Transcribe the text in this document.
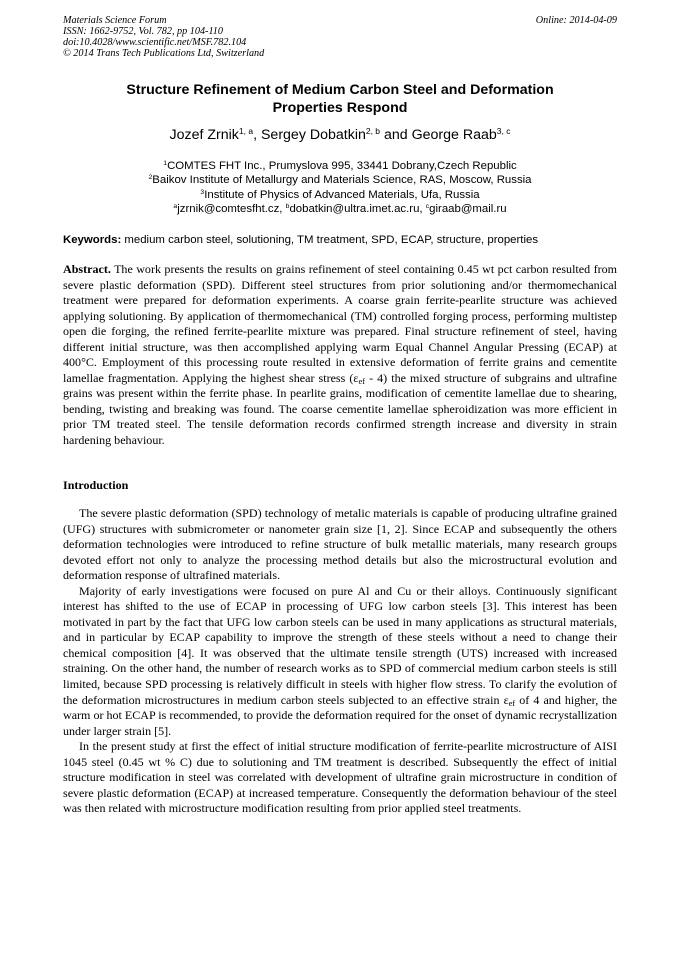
Materials Science Forum
ISSN: 1662-9752, Vol. 782, pp 104-110
doi:10.4028/www.scientific.net/MSF.782.104
© 2014 Trans Tech Publications Ltd, Switzerland
Online: 2014-04-09
Structure Refinement of Medium Carbon Steel and Deformation
Properties Respond
Jozef Zrnik$^{1, a}$, Sergey Dobatkin$^{2, b}$ and George Raab$^{3, c}$
$^1$COMTES FHT Inc., Prumyslova 995, 33441 Dobrany,Czech Republic
$^2$Baikov Institute of Metallurgy and Materials Science, RAS, Moscow, Russia
$^3$Institute of Physics of Advanced Materials, Ufa, Russia
$^a$jzrnik@comtesfht.cz, $^b$dobatkin@ultra.imet.ac.ru, $^c$giraab@mail.ru
Keywords: medium carbon steel, solutioning, TM treatment, SPD, ECAP, structure, properties

Abstract. The work presents the results on grains refinement of steel containing 0.45 wt pct carbon resulted from severe plastic deformation (SPD). Different steel structures from prior solutioning and/or thermomechanical treatment were prepared for deformation experiments. A coarse grain ferrite-pearlite structure was achieved applying solutioning. By application of thermomechanical (TM) controlled forging process, performing multistep open die forging, the refined ferrite-pearlite mixture was prepared. Final structure refinement of steel, having different initial structure, was then accomplished applying warm Equal Channel Angular Pressing (ECAP) at 400°C. Employment of this processing route resulted in extensive deformation of ferrite grains and cementite lamellae fragmentation. Applying the highest shear stress $(\varepsilon_{ef} - 4)$ the mixed structure of subgrains and ultrafine grains was present within the ferrite phase. In pearlite grains, modification of cementite lamellae due to shearing, bending, twisting and breaking was found. The coarse cementite lamellae spheroidization was more efficient in prior TM treated steel. The tensile deformation records confirmed strength increase and diversity in strain hardening behaviour.

Introduction

The severe plastic deformation (SPD) technology of metalic materials is capable of producing ultrafine grained (UFG) structures with submicrometer or nanometer grain size [1, 2]. Since ECAP and subsequently the others deformation technologies were introduced to refine structure of bulk metallic materials, many research groups devoted effort not only to analyze the processing method details but also the microstructural evolution and deformation response of ultrafined materials.

Majority of early investigations were focused on pure Al and Cu or their alloys. Continuously significant interest has shifted to the use of ECAP in processing of UFG low carbon steels [3]. This interest has been motivated in part by the fact that UFG low carbon steels can be used in many applications as structural materials, and in particular by ECAP capability to improve the strength of these steels without a need to change their chemical composition [4]. It was observed that the ultimate tensile strength (UTS) increased with increased straining. On the other hand, the number of research works as to SPD of commercial medium carbon steels is still limited, because SPD processing is relatively difficult in steels with higher flow stress. To clarify the evolution of the deformation microstructures in medium carbon steels subjected to an effective strain $\varepsilon_{ef}$ of 4 and higher, the warm or hot ECAP is recommended, to provide the deformation required for the onset of dynamic recrystallization under larger strain [5].

In the present study at first the effect of initial structure modification of ferrite-pearlite microstructure of AISI 1045 steel (0.45 wt % C) due to solutioning and TM treatment is described. Subsequently the effect of initial structure modification in steel was correlated with development of ultrafine grain microstructure in condition of severe plastic deformation (ECAP) at increased temperature. Consequently the deformation behaviour of the steel was then related with microstructure modification resulting from prior applied steel treatments.
